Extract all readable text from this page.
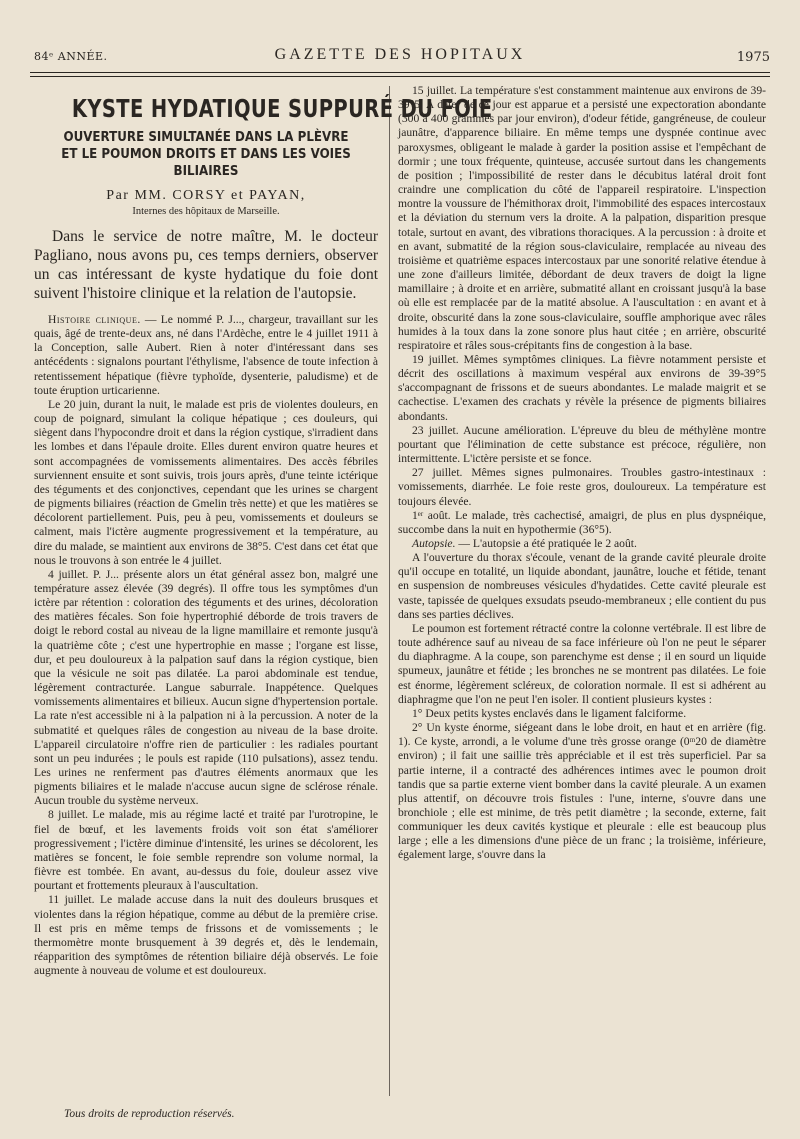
84ᵉ ANNÉE.	GAZETTE DES HOPITAUX	1975
KYSTE HYDATIQUE SUPPURÉ DU FOIE
OUVERTURE SIMULTANÉE DANS LA PLÈVRE ET LE POUMON DROITS ET DANS LES VOIES BILIAIRES
Par MM. CORSY et PAYAN,
Internes des hôpitaux de Marseille.

Dans le service de notre maître, M. le docteur Pagliano, nous avons pu, ces temps derniers, observer un cas intéressant de kyste hydatique du foie dont suivent l'histoire clinique et la relation de l'autopsie.

Histoire clinique. — Le nommé P. J..., chargeur, travaillant sur les quais, âgé de trente-deux ans, né dans l'Ardèche, entre le 4 juillet 1911 à la Conception, salle Aubert. Rien à noter d'intéressant dans ses antécédents : signalons pourtant l'éthylisme, l'absence de toute infection à retentissement hépatique (fièvre typhoïde, dysenterie, paludisme) et de toute éruption urticarienne.

Le 20 juin, durant la nuit, le malade est pris de violentes douleurs, en coup de poignard, simulant la colique hépatique ; ces douleurs, qui siègent dans l'hypocondre droit et dans la région cystique, s'irradient dans les lombes et dans l'épaule droite. Elles durent environ quatre heures et sont accompagnées de vomissements alimentaires. Des accès fébriles surviennent ensuite et sont suivis, trois jours après, d'une teinte ictérique des téguments et des conjonctives, cependant que les urines se chargent de pigments biliaires (réaction de Gmelin très nette) et que les matières se décolorent partiellement. Puis, peu à peu, vomissements et douleurs se calment, mais l'ictère augmente progressivement et la température, au dire du malade, se maintient aux environs de 38°5. C'est dans cet état que nous le trouvons à son entrée le 4 juillet.

4 juillet. P. J... présente alors un état général assez bon, malgré une température assez élevée (39 degrés). Il offre tous les symptômes d'un ictère par rétention : coloration des téguments et des urines, décoloration des matières fécales. Son foie hypertrophié déborde de trois travers de doigt le rebord costal au niveau de la ligne mamillaire et remonte jusqu'à la quatrième côte ; c'est une hypertrophie en masse ; l'organe est lisse, dur, et peu douloureux à la palpation sauf dans la région cystique, bien que la vésicule ne soit pas dilatée. La paroi abdominale est tendue, légèrement contracturée. Langue saburrale. Inappétence. Quelques vomissements alimentaires et bilieux. Aucun signe d'hypertension portale. La rate n'est accessible ni à la palpation ni à la percussion. A noter de la submatité et quelques râles de congestion au niveau de la base droite. L'appareil circulatoire n'offre rien de particulier : les radiales pourtant sont un peu indurées ; le pouls est rapide (110 pulsations), assez tendu. Les urines ne renferment pas d'autres éléments anormaux que les pigments biliaires et le malade n'accuse aucun signe de sclérose rénale. Aucun trouble du système nerveux.

8 juillet. Le malade, mis au régime lacté et traité par l'urotropine, le fiel de bœuf, et les lavements froids voit son état s'améliorer progressivement ; l'ictère diminue d'intensité, les urines se décolorent, les matières se foncent, le foie semble reprendre son volume normal, la fièvre est tombée. En avant, au-dessus du foie, douleur assez vive pourtant et frottements pleuraux à l'auscultation.

11 juillet. Le malade accuse dans la nuit des douleurs brusques et violentes dans la région hépatique, comme au début de la première crise. Il est pris en même temps de frissons et de vomissements ; le thermomètre monte brusquement à 39 degrés et, dès le lendemain, réapparition des symptômes de rétention biliaire déjà observés. Le foie augmente à nouveau de volume et est douloureux.

15 juillet. La température s'est constamment maintenue aux environs de 39-39°5. A dater de ce jour est apparue et a persisté une expectoration abondante (300 à 400 grammes par jour environ), d'odeur fétide, gangréneuse, de couleur jaunâtre, d'apparence biliaire. En même temps une dyspnée continue avec paroxysmes, obligeant le malade à garder la position assise et l'empêchant de dormir ; une toux fréquente, quinteuse, accusée surtout dans les changements de position ; l'impossibilité de rester dans le décubitus latéral droit font craindre une complication du côté de l'appareil respiratoire. L'inspection montre la voussure de l'hémithorax droit, l'immobilité des espaces intercostaux et la déviation du sternum vers la droite. A la palpation, disparition presque totale, surtout en avant, des vibrations thoraciques. A la percussion : à droite et en avant, submatité de la région sous-claviculaire, remplacée au niveau des troisième et quatrième espaces intercostaux par une sonorité relative étendue à une zone d'ailleurs limitée, débordant de deux travers de doigt la ligne mamillaire ; à droite et en arrière, submatité allant en croissant jusqu'à la base où elle est remplacée par de la matité absolue. A l'auscultation : en avant et à droite, obscurité dans la zone sous-claviculaire, souffle amphorique avec râles humides à la toux dans la zone sonore plus haut citée ; en arrière, obscurité respiratoire et râles sous-crépitants fins de congestion à la base.

19 juillet. Mêmes symptômes cliniques. La fièvre notamment persiste et décrit des oscillations à maximum vespéral aux environs de 39-39°5 s'accompagnant de frissons et de sueurs abondantes. Le malade maigrit et se cachectise. L'examen des crachats y révèle la présence de pigments biliaires abondants.

23 juillet. Aucune amélioration. L'épreuve du bleu de méthylène montre pourtant que l'élimination de cette substance est précoce, régulière, non intermittente. L'ictère persiste et se fonce.

27 juillet. Mêmes signes pulmonaires. Troubles gastro-intestinaux : vomissements, diarrhée. Le foie reste gros, douloureux. La température est toujours élevée.

1ᵉʳ août. Le malade, très cachectisé, amaigri, de plus en plus dyspnéique, succombe dans la nuit en hypothermie (36°5).

Autopsie. — L'autopsie a été pratiquée le 2 août.

A l'ouverture du thorax s'écoule, venant de la grande cavité pleurale droite qu'il occupe en totalité, un liquide abondant, jaunâtre, louche et fétide, tenant en suspension de nombreuses vésicules d'hydatides. Cette cavité pleurale est vaste, tapissée de quelques exsudats pseudo-membraneux ; elle contient du pus dans ses parties déclives.

Le poumon est fortement rétracté contre la colonne vertébrale. Il est libre de toute adhérence sauf au niveau de sa face inférieure où l'on ne peut le séparer du diaphragme. A la coupe, son parenchyme est dense ; il en sourd un liquide spumeux, jaunâtre et fétide ; les bronches ne se montrent pas dilatées. Le foie est énorme, légèrement scléreux, de coloration normale. Il est si adhérent au diaphragme que l'on ne peut l'en isoler. Il contient plusieurs kystes :

1° Deux petits kystes enclavés dans le ligament falciforme.

2° Un kyste énorme, siégeant dans le lobe droit, en haut et en arrière (fig. 1). Ce kyste, arrondi, a le volume d'une très grosse orange (0ᵐ20 de diamètre environ) ; il fait une saillie très appréciable et il est très superficiel. Par sa partie interne, il a contracté des adhérences intimes avec le poumon droit tandis que sa partie externe vient bomber dans la cavité pleurale. A un examen plus attentif, on découvre trois fistules : l'une, interne, s'ouvre dans une bronchiole ; elle est minime, de très petit diamètre ; la seconde, externe, fait communiquer les deux cavités kystique et pleurale : elle est beaucoup plus large ; elle a les dimensions d'une pièce de un franc ; la troisième, inférieure, également large, s'ouvre dans la

Tous droits de reproduction réservés.
